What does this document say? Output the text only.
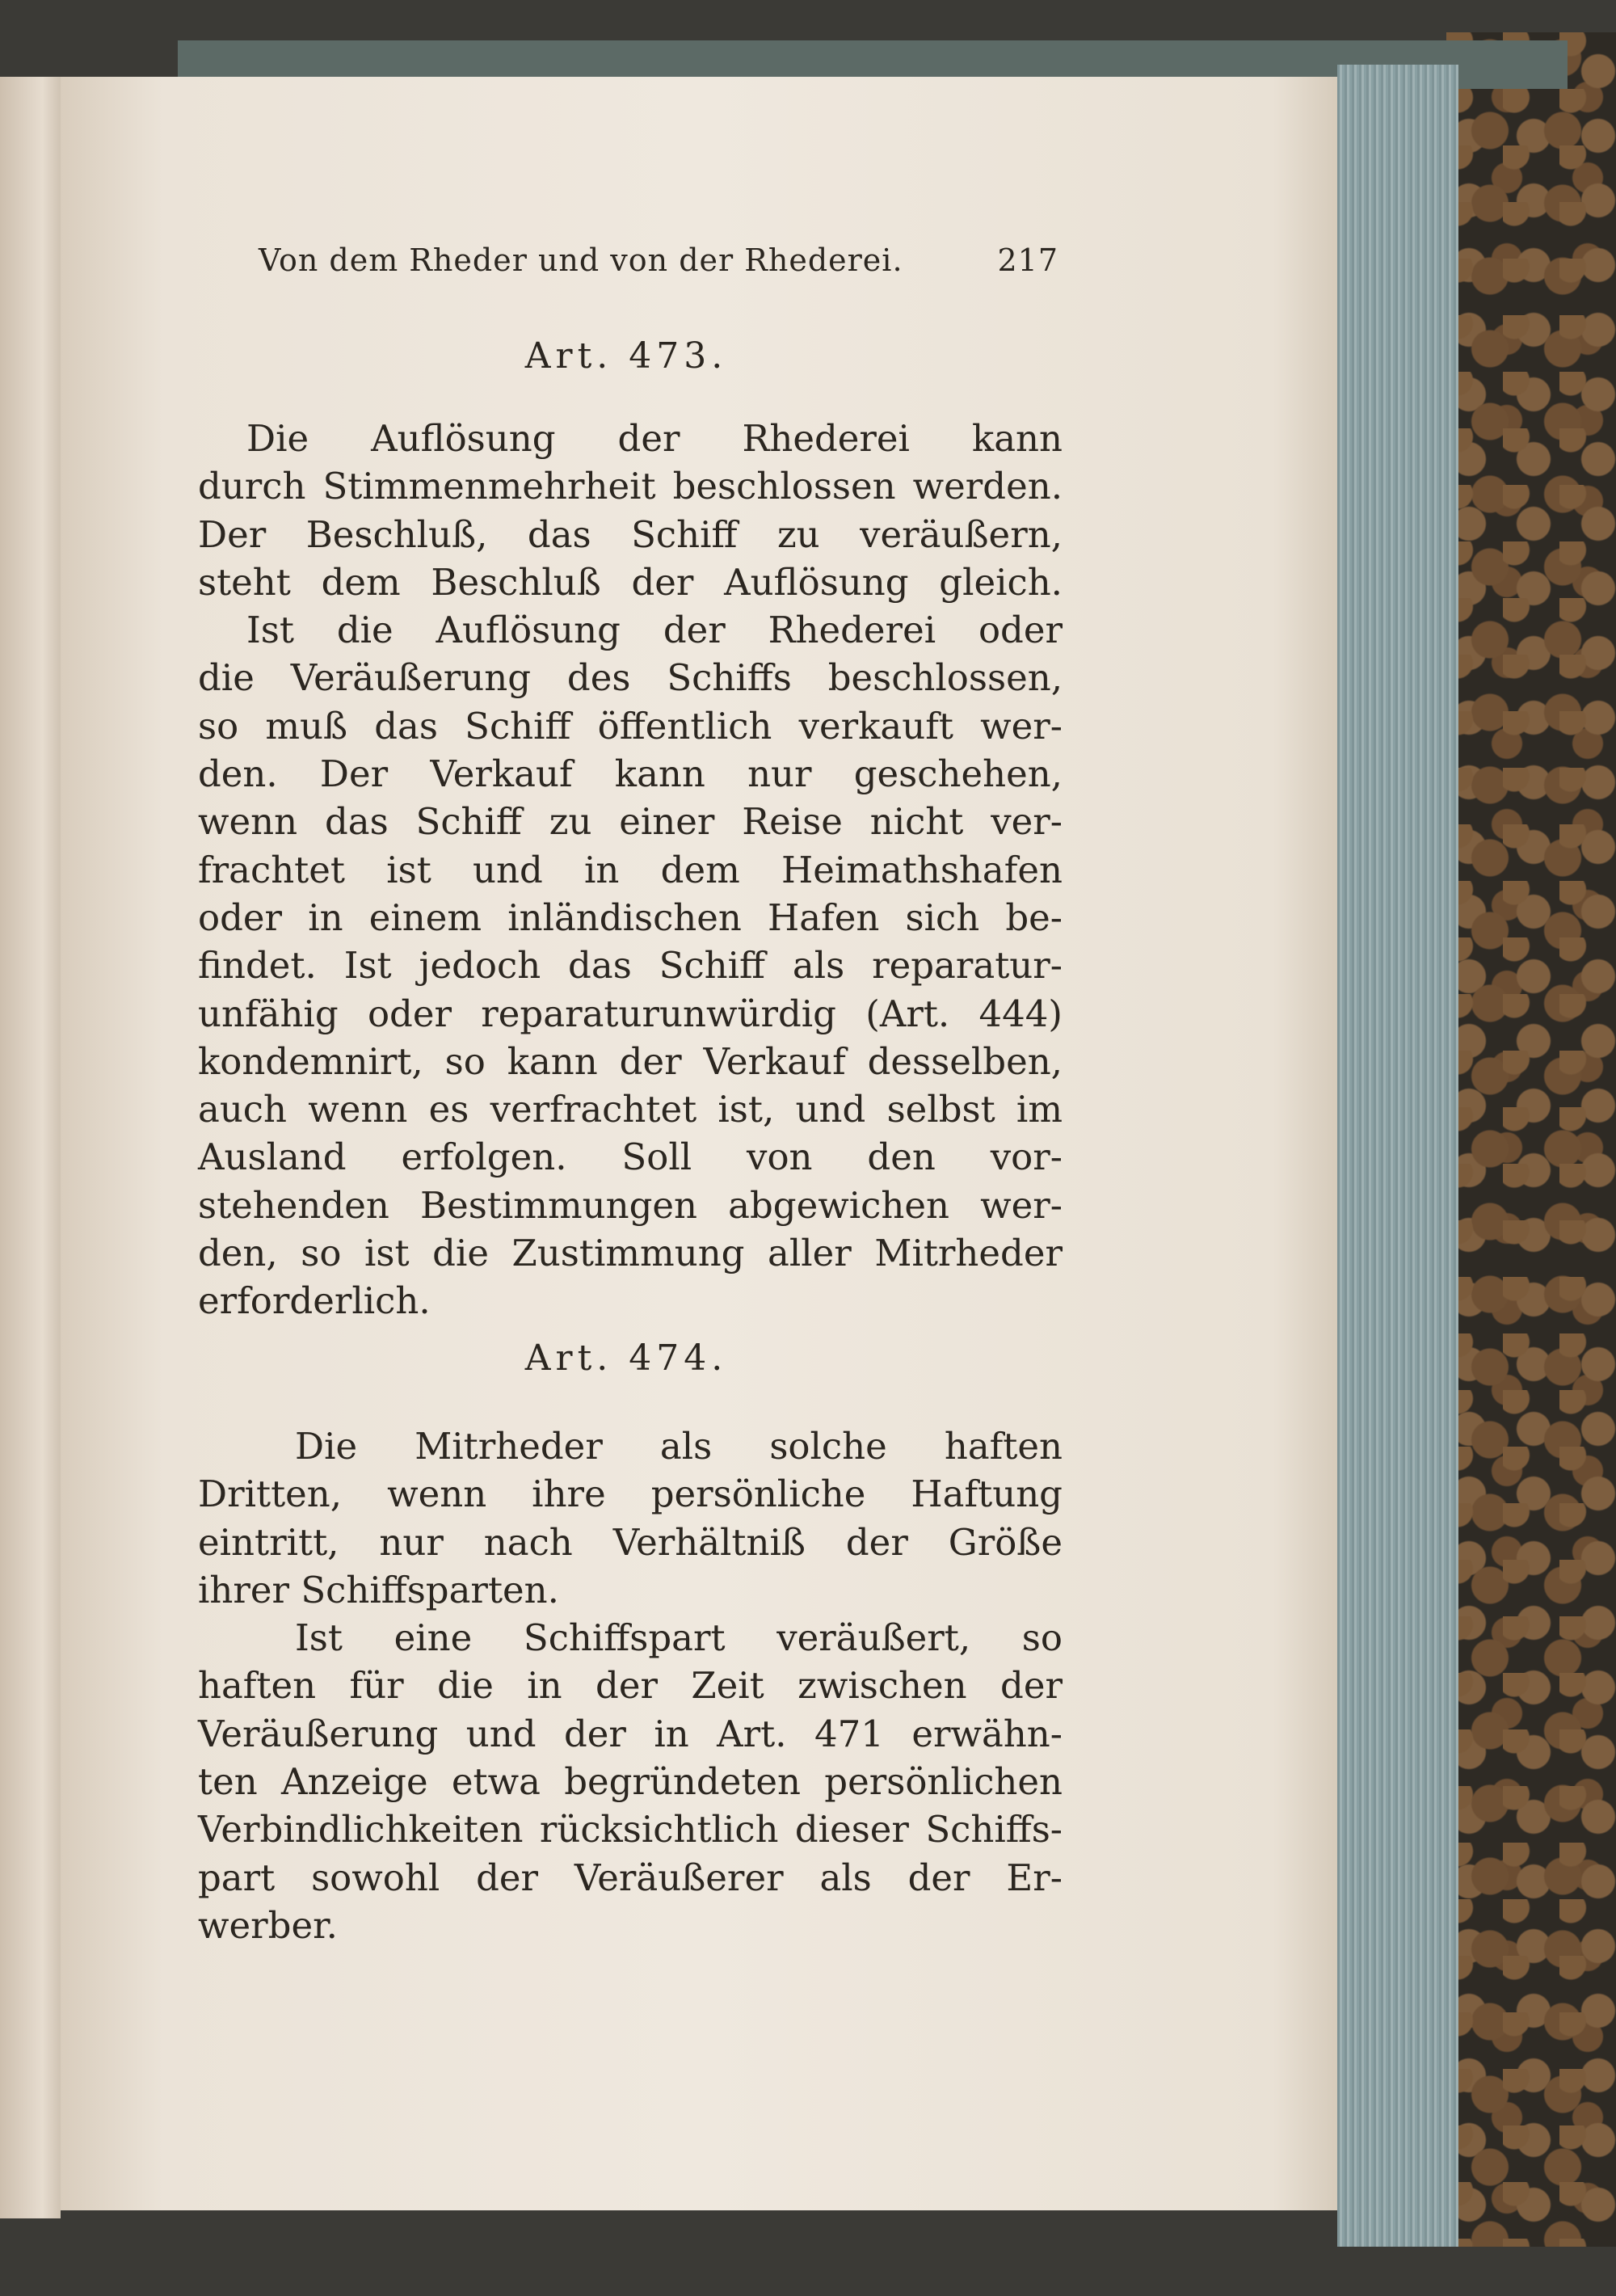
Von dem Rheder und von der Rhederei.	217
Art. 473.
Die Auflösung der Rhederei kann
durch Stimmenmehrheit beschlossen werden.
Der Beschluß, das Schiff zu veräußern,
steht dem Beschluß der Auflösung gleich.
Ist die Auflösung der Rhederei oder
die Veräußerung des Schiffs beschlossen,
so muß das Schiff öffentlich verkauft wer-
den. Der Verkauf kann nur geschehen,
wenn das Schiff zu einer Reise nicht ver-
frachtet ist und in dem Heimathshafen
oder in einem inländischen Hafen sich be-
findet. Ist jedoch das Schiff als reparatur-
unfähig oder reparaturunwürdig (Art. 444)
kondemnirt, so kann der Verkauf desselben,
auch wenn es verfrachtet ist, und selbst im
Ausland erfolgen. Soll von den vor-
stehenden Bestimmungen abgewichen wer-
den, so ist die Zustimmung aller Mitrheder
erforderlich.
Art. 474.
Die Mitrheder als solche haften
Dritten, wenn ihre persönliche Haftung
eintritt, nur nach Verhältniß der Größe
ihrer Schiffsparten.
Ist eine Schiffspart veräußert, so
haften für die in der Zeit zwischen der
Veräußerung und der in Art. 471 erwähn-
ten Anzeige etwa begründeten persönlichen
Verbindlichkeiten rücksichtlich dieser Schiffs-
part sowohl der Veräußerer als der Er-
werber.
